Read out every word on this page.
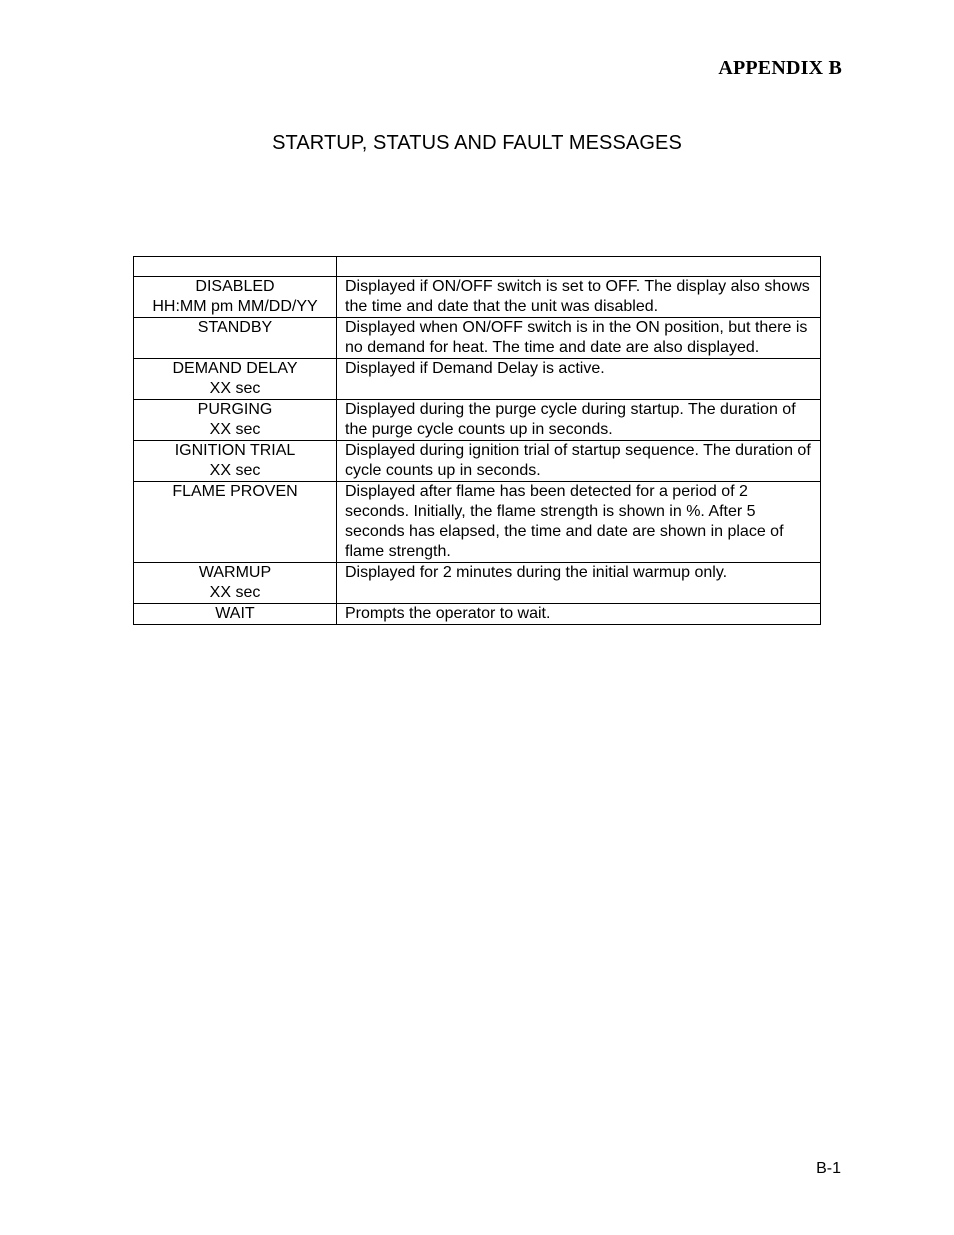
APPENDIX B
STARTUP, STATUS AND FAULT MESSAGES

DISABLED
HH:MM pm MM/DD/YY	Displayed if ON/OFF switch is set to OFF. The display also shows the time and date that the unit was disabled.

STANDBY	Displayed when ON/OFF switch is in the ON position, but there is no demand for heat. The time and date are also displayed.

DEMAND DELAY
XX sec	Displayed if Demand Delay is active.

PURGING
XX sec	Displayed during the purge cycle during startup. The duration of the purge cycle counts up in seconds.

IGNITION TRIAL
XX sec	Displayed during ignition trial of startup sequence. The duration of cycle counts up in seconds.

FLAME PROVEN	Displayed after flame has been detected for a period of 2 seconds. Initially, the flame strength is shown in %. After 5 seconds has elapsed, the time and date are shown in place of flame strength.

WARMUP
XX sec	Displayed for 2 minutes during the initial warmup only.

WAIT	Prompts the operator to wait.
B-1
